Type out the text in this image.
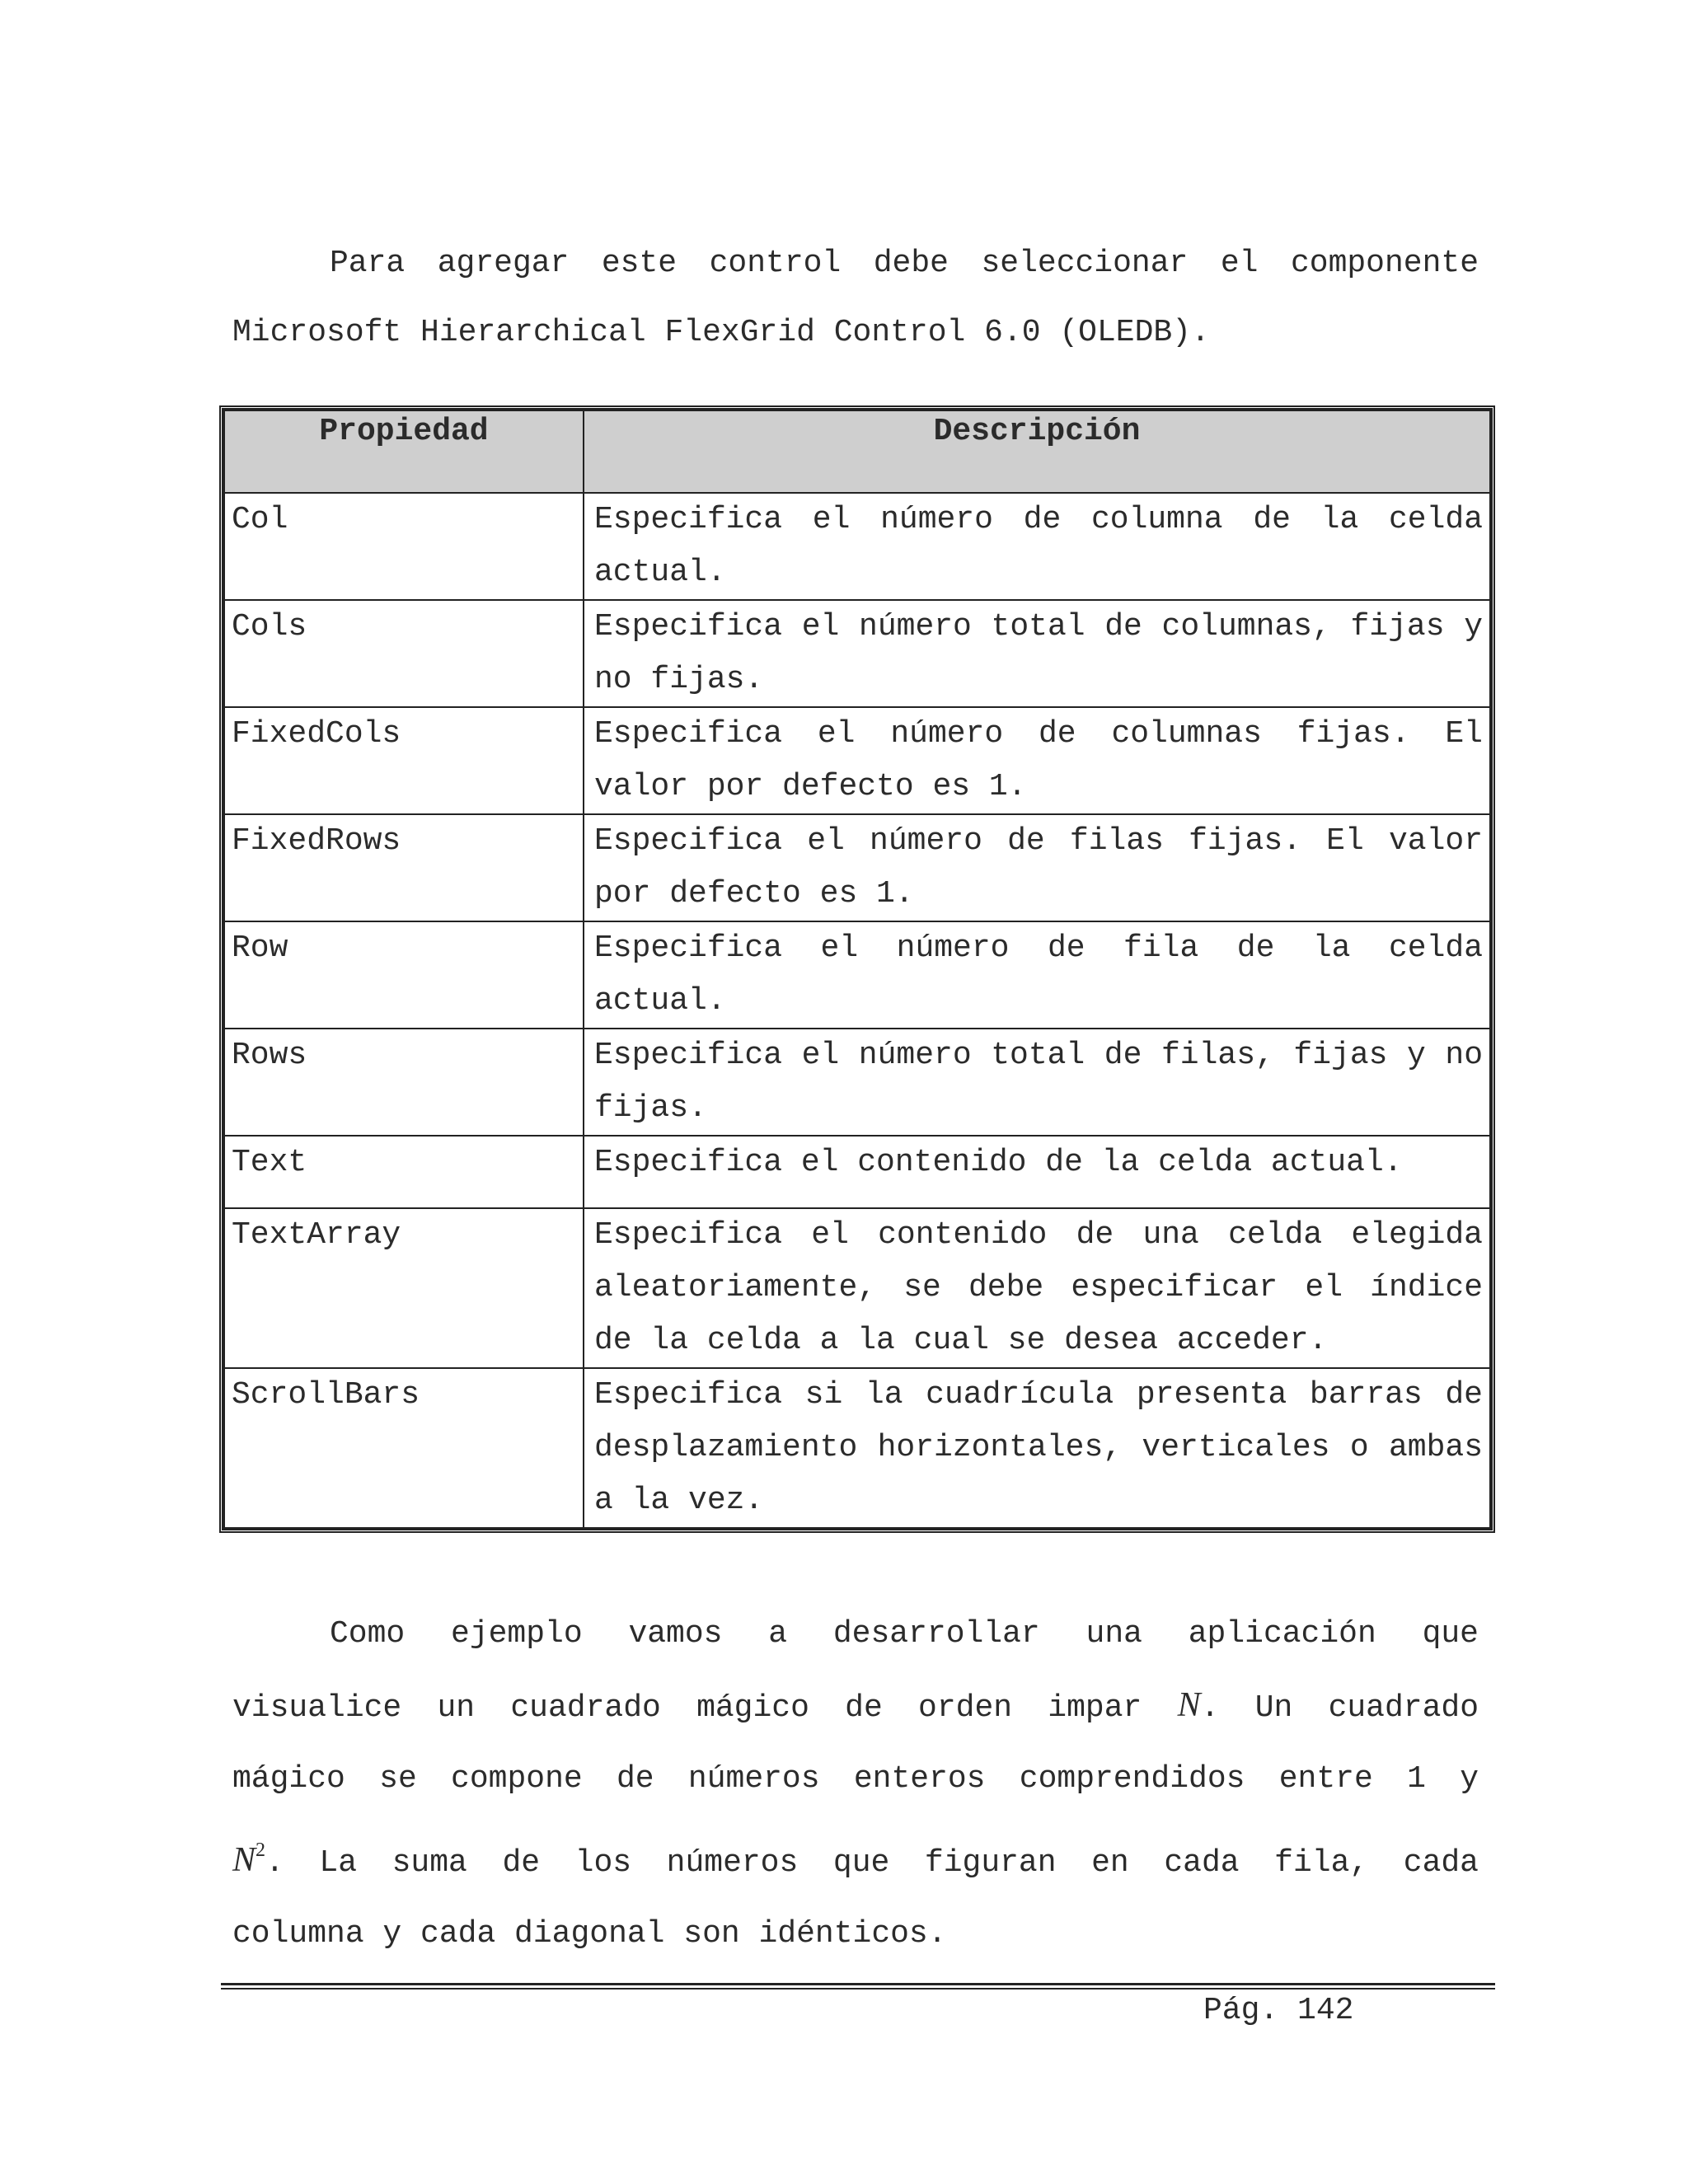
Para agregar este control debe seleccionar el componente
Microsoft Hierarchical FlexGrid Control 6.0 (OLEDB).
Propiedad	Descripción
Col	Especifica el número de columna de la celda actual.
Cols	Especifica el número total de columnas, fijas y no fijas.
FixedCols	Especifica el número de columnas fijas. El valor por defecto es 1.
FixedRows	Especifica el número de filas fijas. El valor por defecto es 1.
Row	Especifica el número de fila de la celda actual.
Rows	Especifica el número total de filas, fijas y no fijas.
Text	Especifica el contenido de la celda actual.
TextArray	Especifica el contenido de una celda elegida aleatoriamente, se debe especificar el índice de la celda a la cual se desea acceder.
ScrollBars	Especifica si la cuadrícula presenta barras de desplazamiento horizontales, verticales o ambas a la vez.
Como ejemplo vamos a desarrollar una aplicación que
visualice un cuadrado mágico de orden impar N. Un cuadrado
mágico se compone de números enteros comprendidos entre 1 y
$N^2$. La suma de los números que figuran en cada fila, cada
columna y cada diagonal son idénticos.
Pág. 142
